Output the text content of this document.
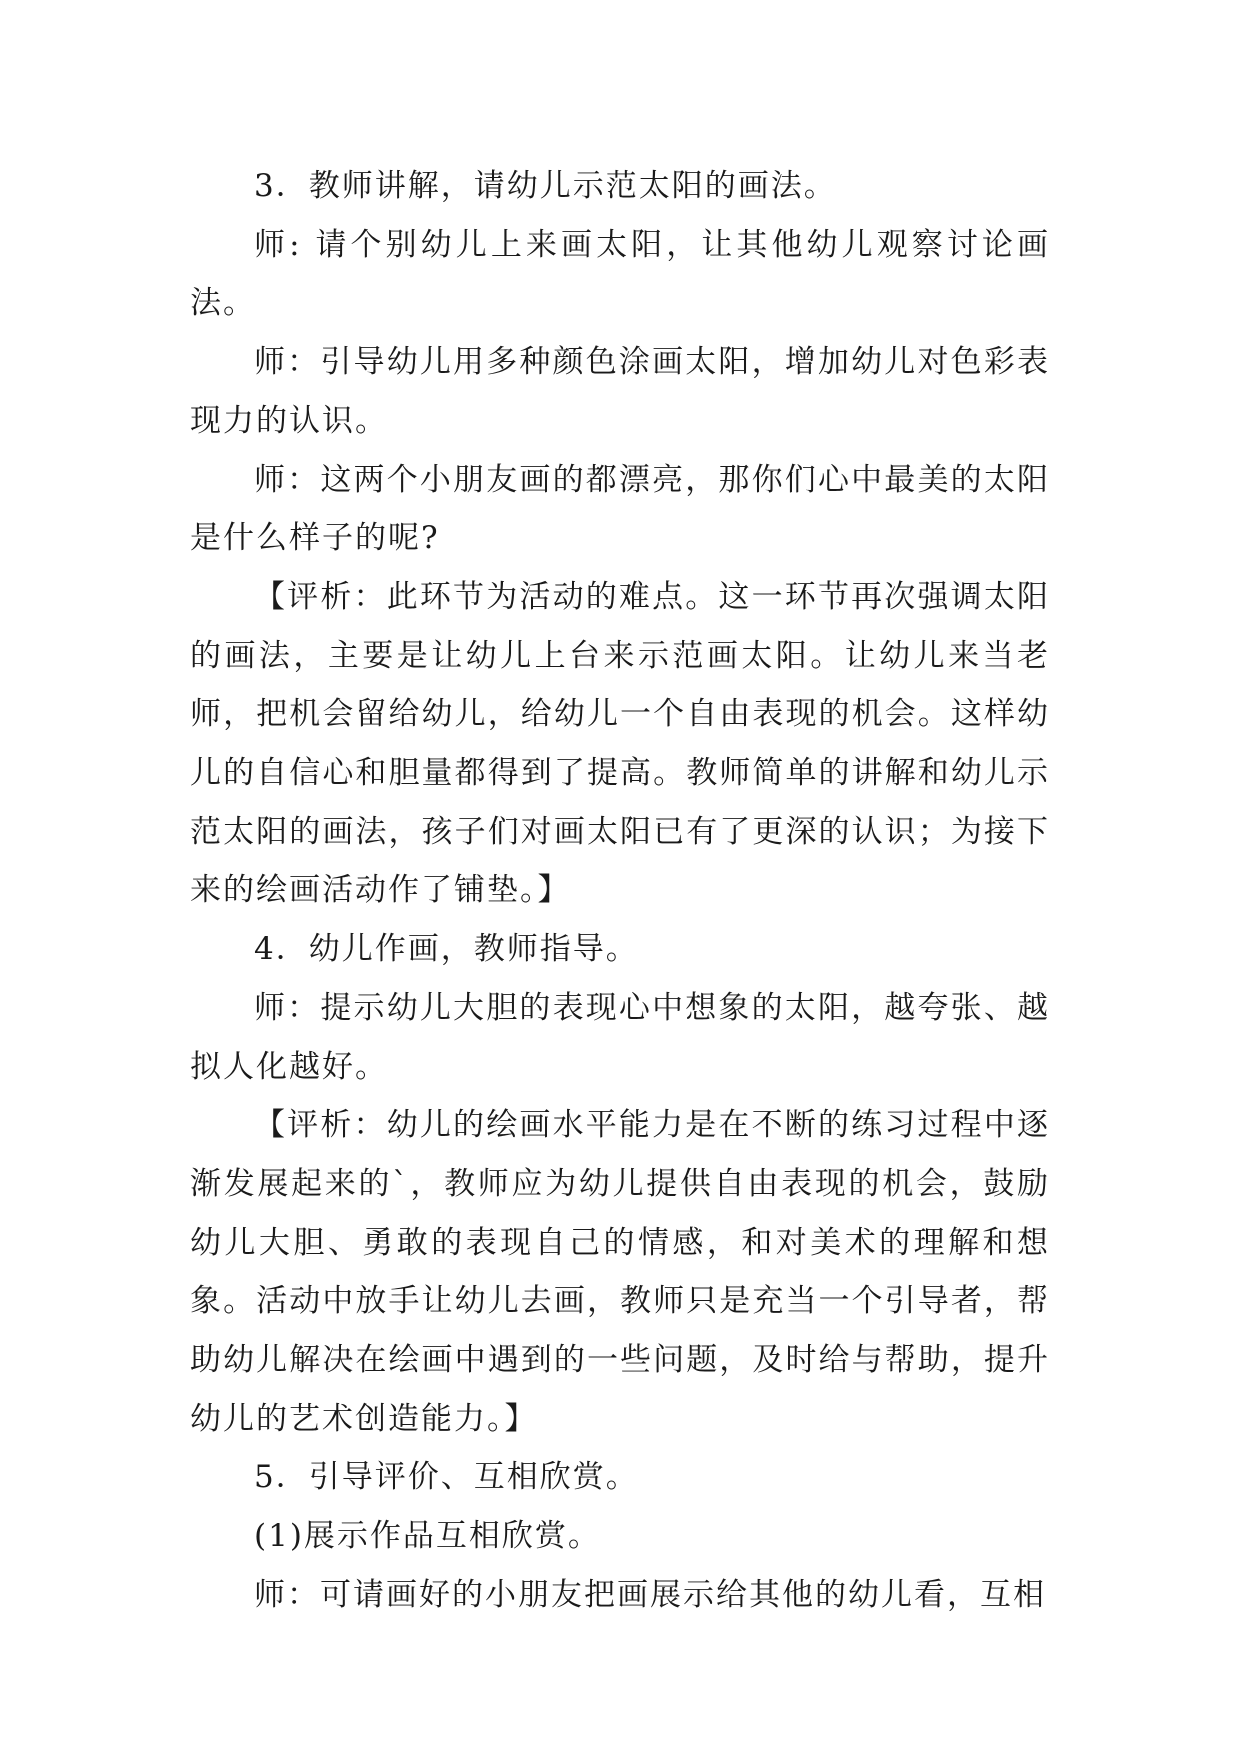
3．教师讲解，请幼儿示范太阳的画法。

师: 请个别幼儿上来画太阳，让其他幼儿观察讨论画法。

师：引导幼儿用多种颜色涂画太阳，增加幼儿对色彩表现力的认识。

师：这两个小朋友画的都漂亮，那你们心中最美的太阳是什么样子的呢?

【评析：此环节为活动的难点。这一环节再次强调太阳的画法，主要是让幼儿上台来示范画太阳。让幼儿来当老师，把机会留给幼儿，给幼儿一个自由表现的机会。这样幼儿的自信心和胆量都得到了提高。教师简单的讲解和幼儿示范太阳的画法，孩子们对画太阳已有了更深的认识；为接下来的绘画活动作了铺垫。】

4．幼儿作画，教师指导。

师：提示幼儿大胆的表现心中想象的太阳，越夸张、越拟人化越好。

【评析：幼儿的绘画水平能力是在不断的练习过程中逐渐发展起来的`，教师应为幼儿提供自由表现的机会，鼓励幼儿大胆、勇敢的表现自己的情感，和对美术的理解和想象。活动中放手让幼儿去画，教师只是充当一个引导者，帮助幼儿解决在绘画中遇到的一些问题，及时给与帮助，提升幼儿的艺术创造能力。】

5．引导评价、互相欣赏。

(1)展示作品互相欣赏。

师：可请画好的小朋友把画展示给其他的幼儿看，互相
